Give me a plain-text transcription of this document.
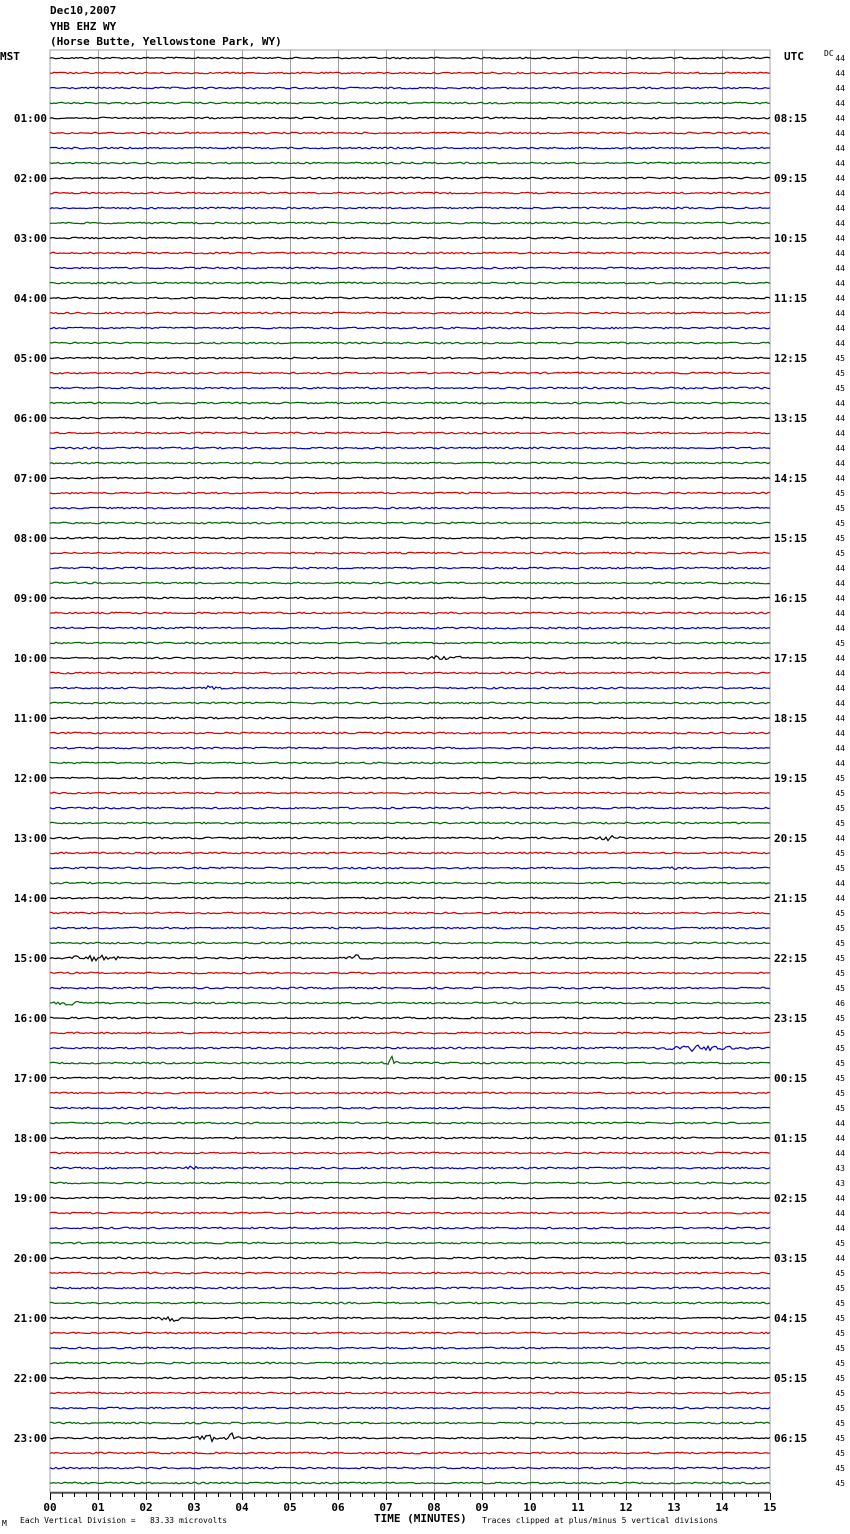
Dec10,2007
YHB EHZ WY
(Horse Butte, Yellowstone Park, WY)
MST	UTC	DC
01:00
02:00
03:00
04:00
05:00
06:00
07:00
08:00
09:00
10:00
11:00
12:00
13:00
14:00
15:00
16:00
17:00
18:00
19:00
20:00
21:00
22:00
23:00
08:15
09:15
10:15
11:15
12:15
13:15
14:15
15:15
16:15
17:15
18:15
19:15
20:15
21:15
22:15
23:15
00:15
01:15
02:15
03:15
04:15
05:15
06:15
44
44
44
44
44
44
44
44
44
44
44
44
44
44
44
44
44
44
44
44
45
45
45
44
44
44
44
44
44
45
45
45
45
45
44
44
44
44
44
45
44
44
44
44
44
44
44
44
45
45
45
45
44
45
45
44
44
45
45
45
45
45
45
46
45
45
45
45
45
45
45
44
44
44
43
43
44
44
44
45
44
45
45
45
45
45
45
45
45
45
45
45
45
45
45
45
00	01	02	03	04	05	06	07	08	09	10	11	12	13	14	15
M Each Vertical Division =   83.33 microvolts	TIME (MINUTES) Traces clipped at plus/minus 5 vertical divisions
